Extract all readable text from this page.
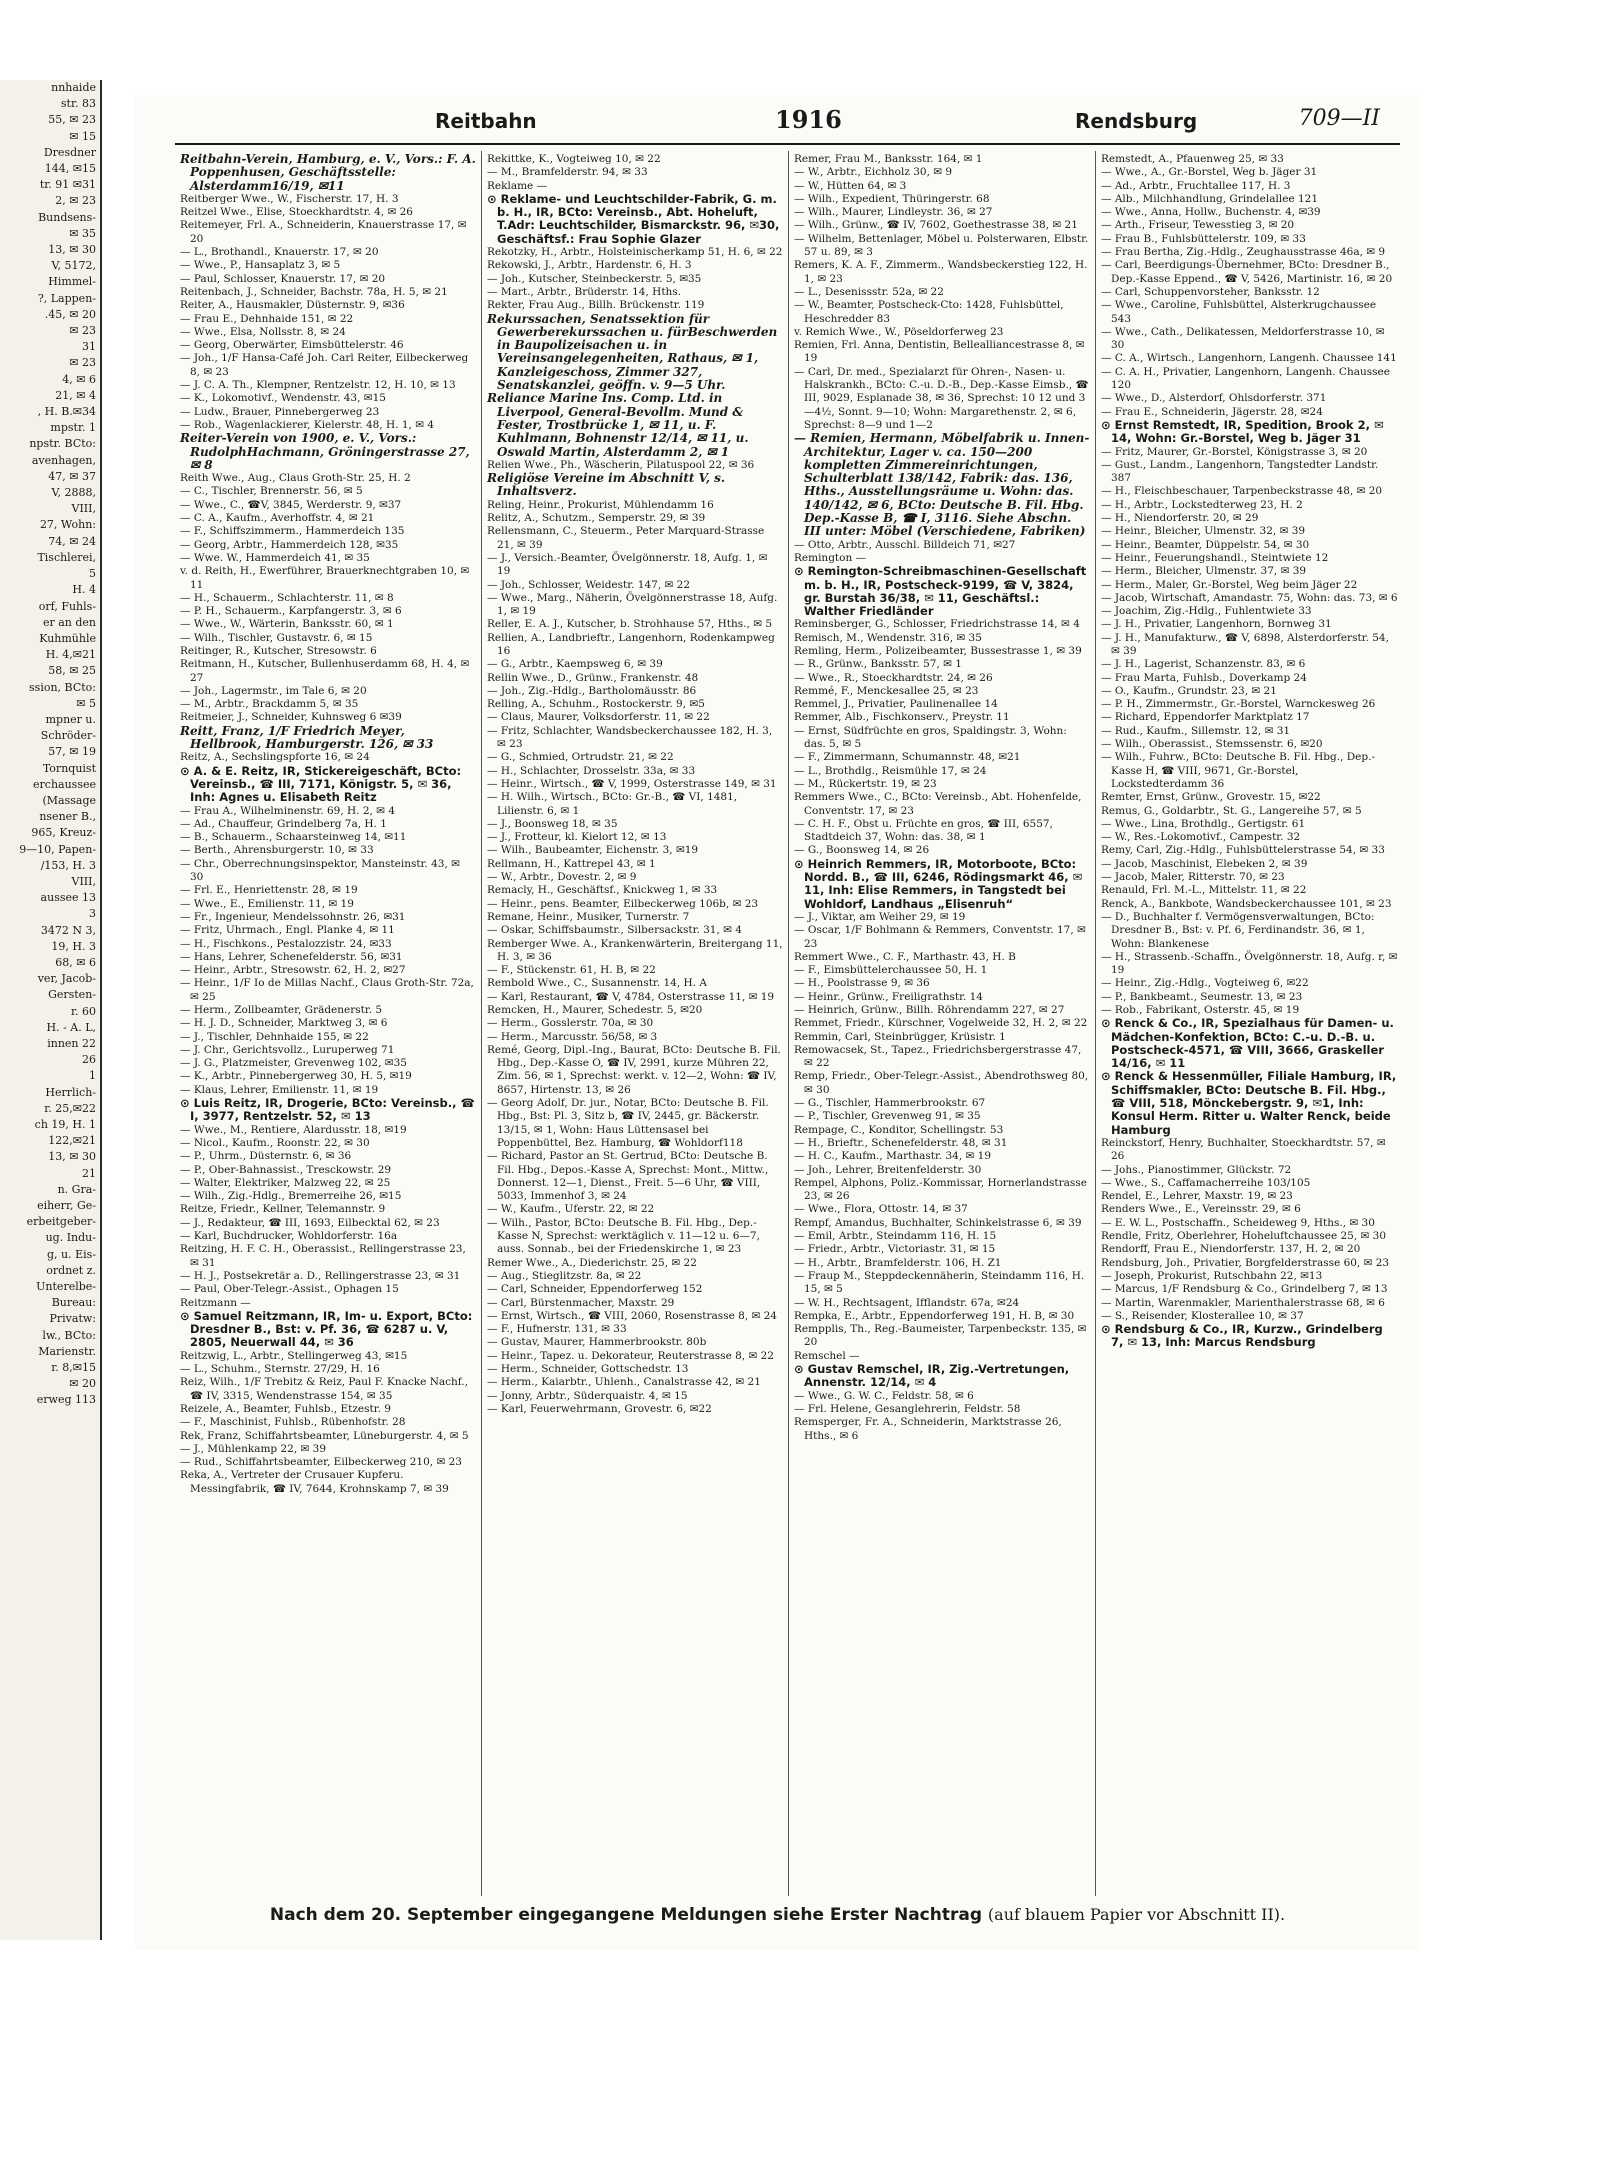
nnhaide
str. 83
55, ✉ 23
✉ 15
Dresdner
144, ✉15
tr. 91 ✉31
2, ✉ 23
Bundsens-
✉ 35
13, ✉ 30
V, 5172,
Himmel-
?, Lappen-
.45, ✉ 20
✉ 23
31
✉ 23
4, ✉ 6
21, ✉ 4
, H. B.✉34
mpstr. 1
npstr. BCto:
avenhagen,
47, ✉ 37
V, 2888,
VIII,
27, Wohn:
74, ✉ 24
Tischlerei,
5
H. 4
orf, Fuhls-
er an den
Kuhmühle
H. 4,✉21
58, ✉ 25
ssion, BCto:
✉ 5
mpner u.
Schröder-
57, ✉ 19
Tornquist
erchaussee
(Massage
nsener B.,
965, Kreuz-
9—10, Papen-
/153, H. 3
VIII,
aussee 13
3
3472 N 3,
19, H. 3
68, ✉ 6
ver, Jacob-
Gersten-
r. 60
H. - A. L,
innen 22
26
1
Herrlich-
r. 25,✉22
ch 19, H. 1
122,✉21
13, ✉ 30
21
n. Gra-
eiherr, Ge-
erbeitgeber-
ug. Indu-
g, u. Eis-
ordnet z.
Unterelbe-
Bureau:
Privatw:
lw., BCto:
Marienstr.
r. 8,✉15
✉ 20
erweg 113
Reitbahn	1916	Rendsburg	709—II
Reitbahn-Verein, Hamburg, e. V., Vors.: F. A. Poppenhusen, Geschäftsstelle: Alsterdamm16/19, ✉11
Reitberger Wwe., W., Fischerstr. 17, H. 3
Reitzel Wwe., Elise, Stoeckhardtstr. 4, ✉ 26
Reitemeyer, Frl. A., Schneiderin, Knauerstrasse 17, ✉ 20
— L., Brothandl., Knauerstr. 17, ✉ 20
— Wwe., P., Hansaplatz 3, ✉ 5
— Paul, Schlosser, Knauerstr. 17, ✉ 20
Reitenbach, J., Schneider, Bachstr. 78a, H. 5, ✉ 21
Reiter, A., Hausmakler, Düsternstr. 9, ✉36
— Frau E., Dehnhaide 151, ✉ 22
— Wwe., Elsa, Nollsstr. 8, ✉ 24
— Georg, Oberwärter, Eimsbüttelerstr. 46
— Joh., 1/F Hansa-Café Joh. Carl Reiter, Eilbeckerweg 8, ✉ 23
— J. C. A. Th., Klempner, Rentzelstr. 12, H. 10, ✉ 13
— K., Lokomotivf., Wendenstr. 43, ✉15
— Ludw., Brauer, Pinnebergerweg 23
— Rob., Wagenlackierer, Kielerstr. 48, H. 1, ✉ 4
Reiter-Verein von 1900, e. V., Vors.: RudolphHachmann, Gröningerstrasse 27, ✉ 8
Reith Wwe., Aug., Claus Groth-Str. 25, H. 2
— C., Tischler, Brennerstr. 56, ✉ 5
— Wwe., C., ☎V, 3845, Werderstr. 9, ✉37
— C. A., Kaufm., Averhoffstr. 4, ✉ 21
— F., Schiffszimmerm., Hammerdeich 135
— Georg, Arbtr., Hammerdeich 128, ✉35
— Wwe. W., Hammerdeich 41, ✉ 35
v. d. Reith, H., Ewerführer, Brauerknechtgraben 10, ✉ 11
— H., Schauerm., Schlachterstr. 11, ✉ 8
— P. H., Schauerm., Karpfangerstr. 3, ✉ 6
— Wwe., W., Wärterin, Banksstr. 60, ✉ 1
— Wilh., Tischler, Gustavstr. 6, ✉ 15
Reitinger, R., Kutscher, Stresowstr. 6
Reitmann, H., Kutscher, Bullenhuserdamm 68, H. 4, ✉ 27
— Joh., Lagermstr., im Tale 6, ✉ 20
— M., Arbtr., Brackdamm 5, ✉ 35
Reitmeier, J., Schneider, Kuhnsweg 6 ✉39
Reitt, Franz, 1/F Friedrich Meyer, Hellbrook, Hamburgerstr. 126, ✉ 33
Reitz, A., Sechslingspforte 16, ✉ 24
⊙ A. & E. Reitz, IR, Stickereigeschäft, BCto: Vereinsb., ☎ III, 7171, Königstr. 5, ✉ 36, Inh: Agnes u. Elisabeth Reitz
— Frau A., Wilhelminenstr. 69, H. 2, ✉ 4
— Ad., Chauffeur, Grindelberg 7a, H. 1
— B., Schauerm., Schaarsteinweg 14, ✉11
— Berth., Ahrensburgerstr. 10, ✉ 33
— Chr., Oberrechnungsinspektor, Mansteinstr. 43, ✉ 30
— Frl. E., Henriettenstr. 28, ✉ 19
— Wwe., E., Emilienstr. 11, ✉ 19
— Fr., Ingenieur, Mendelssohnstr. 26, ✉31
— Fritz, Uhrmach., Engl. Planke 4, ✉ 11
— H., Fischkons., Pestalozzistr. 24, ✉33
— Hans, Lehrer, Schenefelderstr. 56, ✉31
— Heinr., Arbtr., Stresowstr. 62, H. 2, ✉27
— Heinr., 1/F Io de Millas Nachf., Claus Groth-Str. 72a, ✉ 25
— Herm., Zollbeamter, Grädenerstr. 5
— H. J. D., Schneider, Marktweg 3, ✉ 6
— J., Tischler, Dehnhaide 155, ✉ 22
— J. Chr., Gerichtsvollz., Luruperweg 71
— J. G., Platzmeister, Grevenweg 102, ✉35
— K., Arbtr., Pinnebergerweg 30, H. 5, ✉19
— Klaus, Lehrer, Emilienstr. 11, ✉ 19
⊙ Luis Reitz, IR, Drogerie, BCto: Vereinsb., ☎ I, 3977, Rentzelstr. 52, ✉ 13
— Wwe., M., Rentiere, Alardusstr. 18, ✉19
— Nicol., Kaufm., Roonstr. 22, ✉ 30
— P., Uhrm., Düsternstr. 6, ✉ 36
— P., Ober-Bahnassist., Tresckowstr. 29
— Walter, Elektriker, Malzweg 22, ✉ 25
— Wilh., Zig.-Hdlg., Bremerreihe 26, ✉15
Reitze, Friedr., Kellner, Telemannstr. 9
— J., Redakteur, ☎ III, 1693, Eilbecktal 62, ✉ 23
— Karl, Buchdrucker, Wohldorferstr. 16a
Reitzing, H. F. C. H., Oberassist., Rellingerstrasse 23, ✉ 31
— H. J., Postsekretär a. D., Rellingerstrasse 23, ✉ 31
— Paul, Ober-Telegr.-Assist., Ophagen 15
Reitzmann —
⊙ Samuel Reitzmann, IR, Im- u. Export, BCto: Dresdner B., Bst: v. Pf. 36, ☎ 6287 u. V, 2805, Neuerwall 44, ✉ 36
Reitzwig, L., Arbtr., Stellingerweg 43, ✉15
— L., Schuhm., Sternstr. 27/29, H. 16
Reiz, Wilh., 1/F Trebitz & Reiz, Paul F. Knacke Nachf., ☎ IV, 3315, Wendenstrasse 154, ✉ 35
Reizele, A., Beamter, Fuhlsb., Etzestr. 9
— F., Maschinist, Fuhlsb., Rübenhofstr. 28
Rek, Franz, Schiffahrtsbeamter, Lüneburgerstr. 4, ✉ 5
— J., Mühlenkamp 22, ✉ 39
— Rud., Schiffahrtsbeamter, Eilbeckerweg 210, ✉ 23
Reka, A., Vertreter der Crusauer Kupferu. Messingfabrik, ☎ IV, 7644, Krohnskamp 7, ✉ 39
Rekittke, K., Vogteiweg 10, ✉ 22
— M., Bramfelderstr. 94, ✉ 33
Reklame —
⊙ Reklame- und Leuchtschilder-Fabrik, G. m. b. H., IR, BCto: Vereinsb., Abt. Hoheluft, T.Adr: Leuchtschilder, Bismarckstr. 96, ✉30, Geschäftsf.: Frau Sophie Glazer
Rekotzky, H., Arbtr., Holsteinischerkamp 51, H. 6, ✉ 22
Rekowski, J., Arbtr., Hardenstr. 6, H. 3
— Joh., Kutscher, Steinbeckerstr. 5, ✉35
— Mart., Arbtr., Brüderstr. 14, Hths.
Rekter, Frau Aug., Billh. Brückenstr. 119
Rekurssachen, Senatssektion für Gewerberekurssachen u. fürBeschwerden in Baupolizeisachen u. in Vereinsangelegenheiten, Rathaus, ✉ 1, Kanzleigeschoss, Zimmer 327, Senatskanzlei, geöffn. v. 9—5 Uhr.
Reliance Marine Ins. Comp. Ltd. in Liverpool, General-Bevollm. Mund & Fester, Trostbrücke 1, ✉ 11, u. F. Kuhlmann, Bohnenstr 12/14, ✉ 11, u. Oswald Martin, Alsterdamm 2, ✉ 1
Relien Wwe., Ph., Wäscherin, Pilatuspool 22, ✉ 36
Religiöse Vereine im Abschnitt V, s. Inhaltsverz.
Reling, Heinr., Prokurist, Mühlendamm 16
Relitz, A., Schutzm., Semperstr. 29, ✉ 39
Rellensmann, C., Steuerm., Peter Marquard-Strasse 21, ✉ 39
— J., Versich.-Beamter, Övelgönnerstr. 18, Aufg. 1, ✉ 19
— Joh., Schlosser, Weidestr. 147, ✉ 22
— Wwe., Marg., Näherin, Övelgönnerstrasse 18, Aufg. 1, ✉ 19
Reller, E. A. J., Kutscher, b. Strohhause 57, Hths., ✉ 5
Rellien, A., Landbrieftr., Langenhorn, Rodenkampweg 16
— G., Arbtr., Kaempsweg 6, ✉ 39
Rellin Wwe., D., Grünw., Frankenstr. 48
— Joh., Zig.-Hdlg., Bartholomäusstr. 86
Relling, A., Schuhm., Rostockerstr. 9, ✉5
— Claus, Maurer, Volksdorferstr. 11, ✉ 22
— Fritz, Schlachter, Wandsbeckerchaussee 182, H. 3, ✉ 23
— G., Schmied, Ortrudstr. 21, ✉ 22
— H., Schlachter, Drosselstr. 33a, ✉ 33
— Heinr., Wirtsch., ☎ V, 1999, Osterstrasse 149, ✉ 31
— H. Wilh., Wirtsch., BCto: Gr.-B., ☎ VI, 1481, Lilienstr. 6, ✉ 1
— J., Boonsweg 18, ✉ 35
— J., Frotteur, kl. Kielort 12, ✉ 13
— Wilh., Baubeamter, Eichenstr. 3, ✉19
Rellmann, H., Kattrepel 43, ✉ 1
— W., Arbtr., Dovestr. 2, ✉ 9
Remacly, H., Geschäftsf., Knickweg 1, ✉ 33
— Heinr., pens. Beamter, Eilbeckerweg 106b, ✉ 23
Remane, Heinr., Musiker, Turnerstr. 7
— Oskar, Schiffsbaumstr., Silbersackstr. 31, ✉ 4
Remberger Wwe. A., Krankenwärterin, Breitergang 11, H. 3, ✉ 36
— F., Stückenstr. 61, H. B, ✉ 22
Rembold Wwe., C., Susannenstr. 14, H. A
— Karl, Restaurant, ☎ V, 4784, Osterstrasse 11, ✉ 19
Remcken, H., Maurer, Schedestr. 5, ✉20
— Herm., Gosslerstr. 70a, ✉ 30
— Herm., Marcusstr. 56/58, ✉ 3
Remé, Georg, Dipl.-Ing., Baurat, BCto: Deutsche B. Fil. Hbg., Dep.-Kasse O, ☎ IV, 2991, kurze Mühren 22, Zim. 56, ✉ 1, Sprechst: werkt. v. 12—2, Wohn: ☎ IV, 8657, Hirtenstr. 13, ✉ 26
— Georg Adolf, Dr. jur., Notar, BCto: Deutsche B. Fil. Hbg., Bst: Pl. 3, Sitz b, ☎ IV, 2445, gr. Bäckerstr. 13/15, ✉ 1, Wohn: Haus Lüttensasel bei Poppenbüttel, Bez. Hamburg, ☎ Wohldorf118
— Richard, Pastor an St. Gertrud, BCto: Deutsche B. Fil. Hbg., Depos.-Kasse A, Sprechst: Mont., Mittw., Donnerst. 12—1, Dienst., Freit. 5—6 Uhr, ☎ VIII, 5033, Immenhof 3, ✉ 24
— W., Kaufm., Uferstr. 22, ✉ 22
— Wilh., Pastor, BCto: Deutsche B. Fil. Hbg., Dep.-Kasse N, Sprechst: werktäglich v. 11—12 u. 6—7, auss. Sonnab., bei der Friedenskirche 1, ✉ 23
Remer Wwe., A., Diederichstr. 25, ✉ 22
— Aug., Stieglitzstr. 8a, ✉ 22
— Carl, Schneider, Eppendorferweg 152
— Carl, Bürstenmacher, Maxstr. 29
— Ernst, Wirtsch., ☎ VIII, 2060, Rosenstrasse 8, ✉ 24
— F., Hufnerstr. 131, ✉ 33
— Gustav, Maurer, Hammerbrookstr. 80b
— Heinr., Tapez. u. Dekorateur, Reuterstrasse 8, ✉ 22
— Herm., Schneider, Gottschedstr. 13
— Herm., Kaiarbtr., Uhlenh., Canalstrasse 42, ✉ 21
— Jonny, Arbtr., Süderquaistr. 4, ✉ 15
— Karl, Feuerwehrmann, Grovestr. 6, ✉22
Remer, Frau M., Banksstr. 164, ✉ 1
— W., Arbtr., Eichholz 30, ✉ 9
— W., Hütten 64, ✉ 3
— Wilh., Expedient, Thüringerstr. 68
— Wilh., Maurer, Lindleystr. 36, ✉ 27
— Wilh., Grünw., ☎ IV, 7602, Goethestrasse 38, ✉ 21
— Wilhelm, Bettenlager, Möbel u. Polsterwaren, Elbstr. 57 u. 89, ✉ 3
Remers, K. A. F., Zimmerm., Wandsbeckerstieg 122, H. 1, ✉ 23
— L., Desenissstr. 52a, ✉ 22
— W., Beamter, Postscheck-Cto: 1428, Fuhlsbüttel, Heschredder 83
v. Remich Wwe., W., Pöseldorferweg 23
Remien, Frl. Anna, Dentistin, Bellealliancestrasse 8, ✉ 19
— Carl, Dr. med., Spezialarzt für Ohren-, Nasen- u. Halskrankh., BCto: C.-u. D.-B., Dep.-Kasse Eimsb., ☎ III, 9029, Esplanade 38, ✉ 36, Sprechst: 10 12 und 3—4½, Sonnt. 9—10; Wohn: Margarethenstr. 2, ✉ 6, Sprechst: 8—9 und 1—2
— Remien, Hermann, Möbelfabrik u. Innen-Architektur, Lager v. ca. 150—200 kompletten Zimmereinrichtungen, Schulterblatt 138/142, Fabrik: das. 136, Hths., Ausstellungsräume u. Wohn: das. 140/142, ✉ 6, BCto: Deutsche B. Fil. Hbg. Dep.-Kasse B, ☎ I, 3116. Siehe Abschn. III unter: Möbel (Verschiedene, Fabriken)
— Otto, Arbtr., Ausschl. Billdeich 71, ✉27
Remington —
⊙ Remington-Schreibmaschinen-Gesellschaft m. b. H., IR, Postscheck-9199, ☎ V, 3824, gr. Burstah 36/38, ✉ 11, Geschäftsl.: Walther Friedländer
Reminsberger, G., Schlosser, Friedrichstrasse 14, ✉ 4
Remisch, M., Wendenstr. 316, ✉ 35
Remling, Herm., Polizeibeamter, Bussestrasse 1, ✉ 39
— R., Grünw., Banksstr. 57, ✉ 1
— Wwe., R., Stoeckhardtstr. 24, ✉ 26
Remmé, F., Menckesallee 25, ✉ 23
Remmel, J., Privatier, Paulinenallee 14
Remmer, Alb., Fischkonserv., Preystr. 11
— Ernst, Südfrüchte en gros, Spaldingstr. 3, Wohn: das. 5, ✉ 5
— F., Zimmermann, Schumannstr. 48, ✉21
— L., Brothdlg., Reismühle 17, ✉ 24
— M., Rückertstr. 19, ✉ 23
Remmers Wwe., C., BCto: Vereinsb., Abt. Hohenfelde, Conventstr. 17, ✉ 23
— C. H. F., Obst u. Früchte en gros, ☎ III, 6557, Stadtdeich 37, Wohn: das. 38, ✉ 1
— G., Boonsweg 14, ✉ 26
⊙ Heinrich Remmers, IR, Motorboote, BCto: Nordd. B., ☎ III, 6246, Rödingsmarkt 46, ✉ 11, Inh: Elise Remmers, in Tangstedt bei Wohldorf, Landhaus „Elisenruh“
— J., Viktar, am Weiher 29, ✉ 19
— Oscar, 1/F Bohlmann & Remmers, Conventstr. 17, ✉ 23
Remmert Wwe., C. F., Marthastr. 43, H. B
— F., Eimsbüttelerchaussee 50, H. 1
— H., Poolstrasse 9, ✉ 36
— Heinr., Grünw., Freiligrathstr. 14
— Heinrich, Grünw., Billh. Röhrendamm 227, ✉ 27
Remmet, Friedr., Kürschner, Vogelweide 32, H. 2, ✉ 22
Remmin, Carl, Steinbrügger, Krüsistr. 1
Remowacsek, St., Tapez., Friedrichsbergerstrasse 47, ✉ 22
Remp, Friedr., Ober-Telegr.-Assist., Abendrothsweg 80, ✉ 30
— G., Tischler, Hammerbrookstr. 67
— P., Tischler, Grevenweg 91, ✉ 35
Rempage, C., Konditor, Schellingstr. 53
— H., Brieftr., Schenefelderstr. 48, ✉ 31
— H. C., Kaufm., Marthastr. 34, ✉ 19
— Joh., Lehrer, Breitenfelderstr. 30
Rempel, Alphons, Poliz.-Kommissar, Hornerlandstrasse 23, ✉ 26
— Wwe., Flora, Ottostr. 14, ✉ 37
Rempf, Amandus, Buchhalter, Schinkelstrasse 6, ✉ 39
— Emil, Arbtr., Steindamm 116, H. 15
— Friedr., Arbtr., Victoriastr. 31, ✉ 15
— H., Arbtr., Bramfelderstr. 106, H. Z1
— Fraup M., Steppdeckennäherin, Steindamm 116, H. 15, ✉ 5
— W. H., Rechtsagent, Ifflandstr. 67a, ✉24
Rempka, E., Arbtr., Eppendorferweg 191, H. B, ✉ 30
Rempplis, Th., Reg.-Baumeister, Tarpenbeckstr. 135, ✉ 20
Remschel —
⊙ Gustav Remschel, IR, Zig.-Vertretungen, Annenstr. 12/14, ✉ 4
— Wwe., G. W. C., Feldstr. 58, ✉ 6
— Frl. Helene, Gesanglehrerin, Feldstr. 58
Remsperger, Fr. A., Schneiderin, Marktstrasse 26, Hths., ✉ 6
Remstedt, A., Pfauenweg 25, ✉ 33
— Wwe., A., Gr.-Borstel, Weg b. Jäger 31
— Ad., Arbtr., Fruchtallee 117, H. 3
— Alb., Milchhandlung, Grindelallee 121
— Wwe., Anna, Hollw., Buchenstr. 4, ✉39
— Arth., Friseur, Tewesstieg 3, ✉ 20
— Frau B., Fuhlsbüttelerstr. 109, ✉ 33
— Frau Bertha, Zig.-Hdlg., Zeughausstrasse 46a, ✉ 9
— Carl, Beerdigungs-Übernehmer, BCto: Dresdner B., Dep.-Kasse Eppend., ☎ V, 5426, Martinistr. 16, ✉ 20
— Carl, Schuppenvorsteher, Banksstr. 12
— Wwe., Caroline, Fuhlsbüttel, Alsterkrugchaussee 543
— Wwe., Cath., Delikatessen, Meldorferstrasse 10, ✉ 30
— C. A., Wirtsch., Langenhorn, Langenh. Chaussee 141
— C. A. H., Privatier, Langenhorn, Langenh. Chaussee 120
— Wwe., D., Alsterdorf, Ohlsdorferstr. 371
— Frau E., Schneiderin, Jägerstr. 28, ✉24
⊙ Ernst Remstedt, IR, Spedition, Brook 2, ✉ 14, Wohn: Gr.-Borstel, Weg b. Jäger 31
— Fritz, Maurer, Gr.-Borstel, Königstrasse 3, ✉ 20
— Gust., Landm., Langenhorn, Tangstedter Landstr. 387
— H., Fleischbeschauer, Tarpenbeckstrasse 48, ✉ 20
— H., Arbtr., Lockstedterweg 23, H. 2
— H., Niendorferstr. 20, ✉ 29
— Heinr., Bleicher, Ulmenstr. 32, ✉ 39
— Heinr., Beamter, Düppelstr. 54, ✉ 30
— Heinr., Feuerungshandl., Steintwiete 12
— Herm., Bleicher, Ulmenstr. 37, ✉ 39
— Herm., Maler, Gr.-Borstel, Weg beim Jäger 22
— Jacob, Wirtschaft, Amandastr. 75, Wohn: das. 73, ✉ 6
— Joachim, Zig.-Hdlg., Fuhlentwiete 33
— J. H., Privatier, Langenhorn, Bornweg 31
— J. H., Manufakturw., ☎ V, 6898, Alsterdorferstr. 54, ✉ 39
— J. H., Lagerist, Schanzenstr. 83, ✉ 6
— Frau Marta, Fuhlsb., Doverkamp 24
— O., Kaufm., Grundstr. 23, ✉ 21
— P. H., Zimmermstr., Gr.-Borstel, Warnckesweg 26
— Richard, Eppendorfer Marktplatz 17
— Rud., Kaufm., Sillemstr. 12, ✉ 31
— Wilh., Oberassist., Stemssenstr. 6, ✉20
— Wilh., Fuhrw., BCto: Deutsche B. Fil. Hbg., Dep.-Kasse H, ☎ VIII, 9671, Gr.-Borstel, Lockstedterdamm 36
Remter, Ernst, Grünw., Grovestr. 15, ✉22
Remus, G., Goldarbtr., St. G., Langereihe 57, ✉ 5
— Wwe., Lina, Brothdlg., Gertigstr. 61
— W., Res.-Lokomotivf., Campestr. 32
Remy, Carl, Zig.-Hdlg., Fuhlsbüttelerstrasse 54, ✉ 33
— Jacob, Maschinist, Elebeken 2, ✉ 39
— Jacob, Maler, Ritterstr. 70, ✉ 23
Renauld, Frl. M.-L., Mittelstr. 11, ✉ 22
Renck, A., Bankbote, Wandsbeckerchaussee 101, ✉ 23
— D., Buchhalter f. Vermögensverwaltungen, BCto: Dresdner B., Bst: v. Pf. 6, Ferdinandstr. 36, ✉ 1, Wohn: Blankenese
— H., Strassenb.-Schaffn., Övelgönnerstr. 18, Aufg. r, ✉ 19
— Heinr., Zig.-Hdlg., Vogteiweg 6, ✉22
— P., Bankbeamt., Seumestr. 13, ✉ 23
— Rob., Fabrikant, Osterstr. 45, ✉ 19
⊙ Renck & Co., IR, Spezialhaus für Damen- u. Mädchen-Konfektion, BCto: C.-u. D.-B. u. Postscheck-4571, ☎ VIII, 3666, Graskeller 14/16, ✉ 11
⊙ Renck & Hessenmüller, Filiale Hamburg, IR, Schiffsmakler, BCto: Deutsche B. Fil. Hbg., ☎ VIII, 518, Mönckebergstr. 9, ✉1, Inh: Konsul Herm. Ritter u. Walter Renck, beide Hamburg
Reinckstorf, Henry, Buchhalter, Stoeckhardtstr. 57, ✉ 26
— Johs., Pianostimmer, Glückstr. 72
— Wwe., S., Caffamacherreihe 103/105
Rendel, E., Lehrer, Maxstr. 19, ✉ 23
Renders Wwe., E., Vereinsstr. 29, ✉ 6
— E. W. L., Postschaffn., Scheideweg 9, Hths., ✉ 30
Rendle, Fritz, Oberlehrer, Hoheluftchaussee 25, ✉ 30
Rendorff, Frau E., Niendorferstr. 137, H. 2, ✉ 20
Rendsburg, Joh., Privatier, Borgfelderstrasse 60, ✉ 23
— Joseph, Prokurist, Rutschbahn 22, ✉13
— Marcus, 1/F Rendsburg & Co., Grindelberg 7, ✉ 13
— Martin, Warenmakler, Marienthalerstrasse 68, ✉ 6
— S., Reisender, Klosterallee 10, ✉ 37
⊙ Rendsburg & Co., IR, Kurzw., Grindelberg 7, ✉ 13, Inh: Marcus Rendsburg
Nach dem 20. September eingegangene Meldungen siehe Erster Nachtrag (auf blauem Papier vor Abschnitt II).
